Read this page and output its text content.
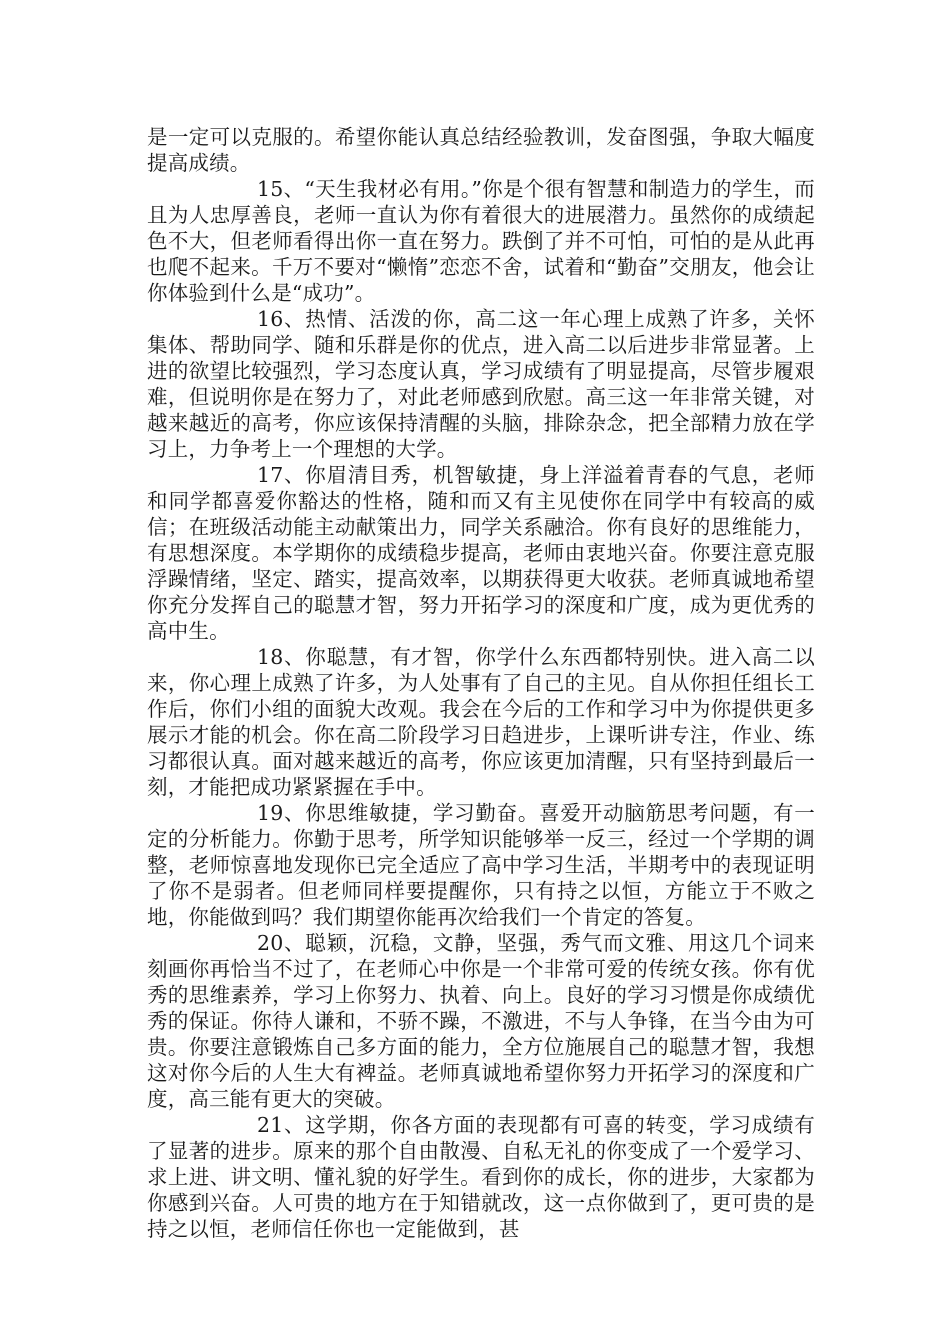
是一定可以克服的。希望你能认真总结经验教训，发奋图强，争取大幅度提高成绩。

15、“天生我材必有用。”你是个很有智慧和制造力的学生，而且为人忠厚善良，老师一直认为你有着很大的进展潜力。虽然你的成绩起色不大，但老师看得出你一直在努力。跌倒了并不可怕，可怕的是从此再也爬不起来。千万不要对“懒惰”恋恋不舍，试着和“勤奋”交朋友，他会让你体验到什么是“成功”。

16、热情、活泼的你，高二这一年心理上成熟了许多，关怀集体、帮助同学、随和乐群是你的优点，进入高二以后进步非常显著。上进的欲望比较强烈，学习态度认真，学习成绩有了明显提高，尽管步履艰难，但说明你是在努力了，对此老师感到欣慰。高三这一年非常关键，对越来越近的高考，你应该保持清醒的头脑，排除杂念，把全部精力放在学习上，力争考上一个理想的大学。

17、你眉清目秀，机智敏捷，身上洋溢着青春的气息，老师和同学都喜爱你豁达的性格，随和而又有主见使你在同学中有较高的威信；在班级活动能主动献策出力，同学关系融洽。你有良好的思维能力，有思想深度。本学期你的成绩稳步提高，老师由衷地兴奋。你要注意克服浮躁情绪，坚定、踏实，提高效率，以期获得更大收获。老师真诚地希望你充分发挥自己的聪慧才智，努力开拓学习的深度和广度，成为更优秀的高中生。

18、你聪慧，有才智，你学什么东西都特别快。进入高二以来，你心理上成熟了许多，为人处事有了自己的主见。自从你担任组长工作后，你们小组的面貌大改观。我会在今后的工作和学习中为你提供更多展示才能的机会。你在高二阶段学习日趋进步，上课听讲专注，作业、练习都很认真。面对越来越近的高考，你应该更加清醒，只有坚持到最后一刻，才能把成功紧紧握在手中。

19、你思维敏捷，学习勤奋。喜爱开动脑筋思考问题，有一定的分析能力。你勤于思考，所学知识能够举一反三，经过一个学期的调整，老师惊喜地发现你已完全适应了高中学习生活，半期考中的表现证明了你不是弱者。但老师同样要提醒你，只有持之以恒，方能立于不败之地，你能做到吗？我们期望你能再次给我们一个肯定的答复。

20、聪颖，沉稳，文静，坚强，秀气而文雅、用这几个词来刻画你再恰当不过了，在老师心中你是一个非常可爱的传统女孩。你有优秀的思维素养，学习上你努力、执着、向上。良好的学习习惯是你成绩优秀的保证。你待人谦和，不骄不躁，不激进，不与人争锋，在当今由为可贵。你要注意锻炼自己多方面的能力，全方位施展自己的聪慧才智，我想这对你今后的人生大有裨益。老师真诚地希望你努力开拓学习的深度和广度，高三能有更大的突破。

21、这学期，你各方面的表现都有可喜的转变，学习成绩有了显著的进步。原来的那个自由散漫、自私无礼的你变成了一个爱学习、求上进、讲文明、懂礼貌的好学生。看到你的成长，你的进步，大家都为你感到兴奋。人可贵的地方在于知错就改，这一点你做到了，更可贵的是持之以恒，老师信任你也一定能做到，甚
